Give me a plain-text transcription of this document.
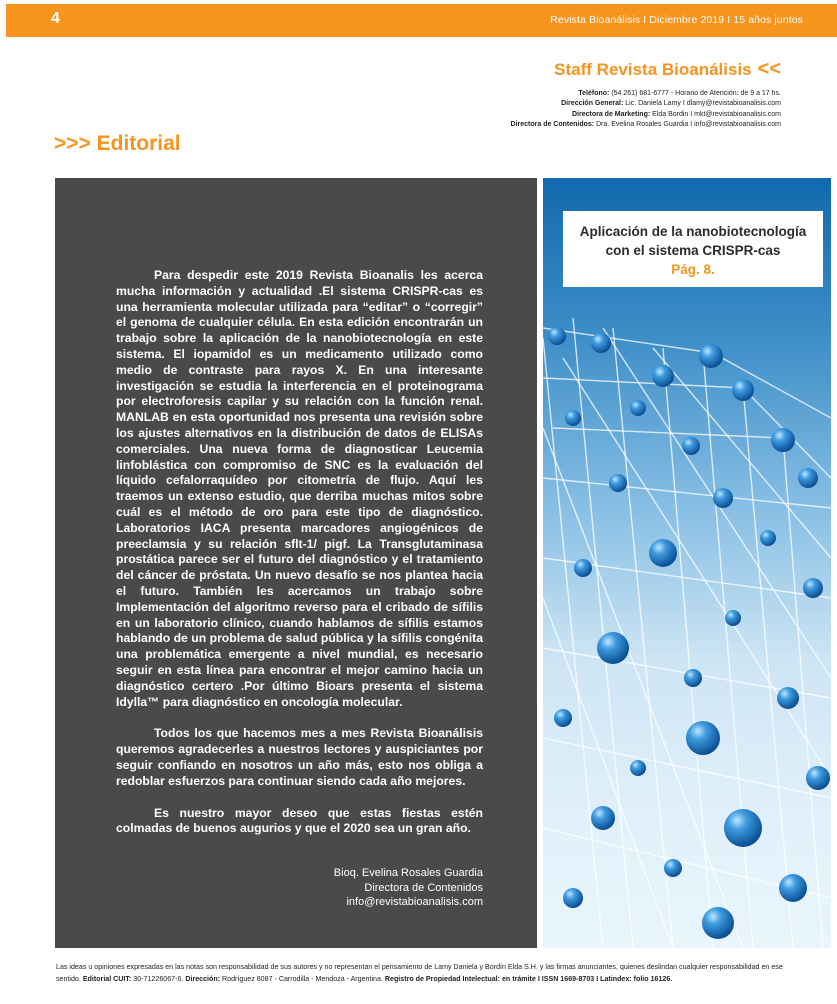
4	Revista Bioanálisis I Diciembre 2019 I 15 años juntos
Staff Revista Bioanálisis <<
Teléfono: (54 261) 681-6777 - Horario de Atención: de 9 a 17 hs.
Dirección General: Lic. Daniela Lamy I dlamy@revistabioanalisis.com
Directora de Marketing: Elda Bordin I mkt@revistabioanalisis.com
Directora de Contenidos: Dra. Evelina Rosales Guardia I info@revistabioanalisis.com
>>> Editorial

Para despedir este 2019 Revista Bioanalis les acerca mucha información y actualidad .El sistema CRISPR-cas es una herramienta molecular utilizada para “editar” o “corregir” el genoma de cualquier célula. En esta edición encontrarán un trabajo sobre la aplicación de la nanobiotecnología en este sistema. El iopamidol es un medicamento utilizado como medio de contraste para rayos X. En una interesante investigación se estudia la interferencia en el proteinograma por electroforesis capilar y su relación con la función renal. MANLAB en esta oportunidad nos presenta una revisión sobre los ajustes alternativos en la distribución de datos de ELISAs comerciales. Una nueva forma de diagnosticar Leucemia linfoblástica con compromiso de SNC es la evaluación del líquido cefalorraquídeo por citometría de flujo. Aquí les traemos un extenso estudio, que derriba muchas mitos sobre cuál es el método de oro para este tipo de diagnóstico. Laboratorios IACA presenta marcadores angiogénicos de preeclamsia y su relación sflt-1/ pigf. La Transglutaminasa prostática parece ser el futuro del diagnóstico y el tratamiento del cáncer de próstata. Un nuevo desafío se nos plantea hacia el futuro. También les acercamos un trabajo sobre Implementación del algoritmo reverso para el cribado de sífilis en un laboratorio clínico, cuando hablamos de sífilis estamos hablando de un problema de salud pública y la sífilis congénita una problemática emergente a nivel mundial, es necesario seguir en esta línea para encontrar el mejor camino hacia un diagnóstico certero .Por último Bioars presenta el sistema Idylla™ para diagnóstico en oncología molecular.

Todos los que hacemos mes a mes Revista Bioanálisis queremos agradecerles a nuestros lectores y auspiciantes por seguir confiando en nosotros un año más, esto nos obliga a redoblar esfuerzos para continuar siendo cada año mejores.

Es nuestro mayor deseo que estas fiestas estén colmadas de buenos augurios y que el 2020 sea un gran año.

Bioq. Evelina Rosales Guardia
Directora de Contenidos
info@revistabioanalisis.com
Aplicación de la nanobiotecnología
con el sistema CRISPR-cas
Pág. 8.
Las ideas u opiniones expresadas en las notas son responsabilidad de sus autores y no representan el pensamiento de Lamy Daniela y Bordín Elda S.H. y las firmas anunciantes, quienes deslindan cualquier responsabilidad en ese sentido. Editorial CUIT: 30-71226067-6. Dirección: Rodríguez 8087 - Carrodilla - Mendoza - Argentina. Registro de Propiedad Intelectual: en trámite I ISSN 1669-8703 I Latindex: folio 16126.
